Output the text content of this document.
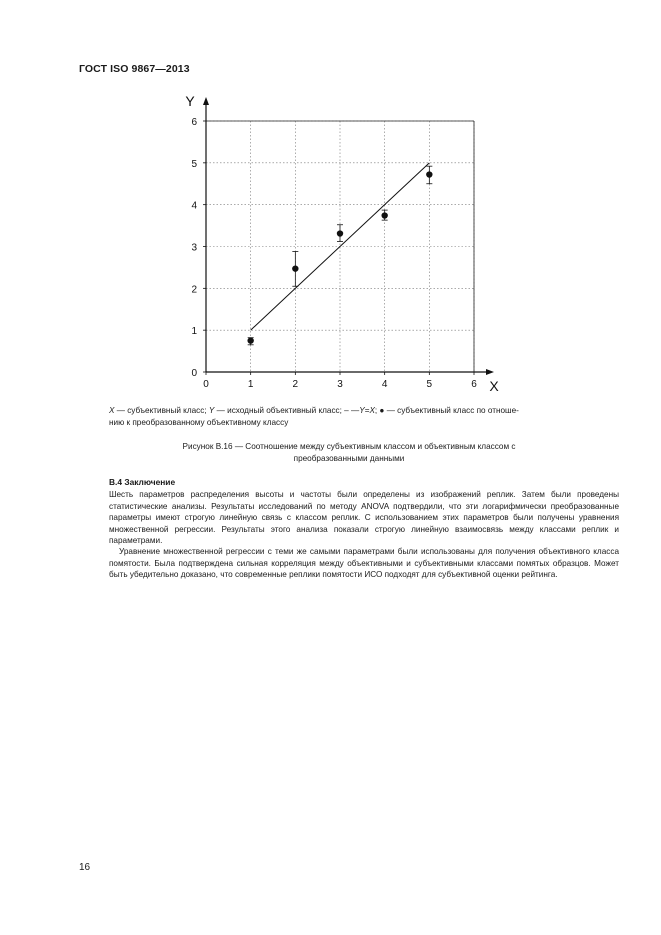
ГОСТ ISO 9867—2013
0	1	2	3	4	5	6
0
1
2
3
4
5
6
X
Y
X — субъективный класс; Y — исходный объективный класс; – —Y=X; ● — субъективный класс по отноше-
нию к преобразованному объективному классу
Рисунок В.16 — Соотношение между субъективным классом и объективным классом с
преобразованными данными
В.4 Заключение

Шесть параметров распределения высоты и частоты были определены из изображений реплик. Затем были проведены статистические анализы. Результаты исследований по методу ANOVA подтвердили, что эти логарифмически преобразованные параметры имеют строгую линейную связь с классом реплик. С использованием этих параметров были получены уравнения множественной регрессии. Результаты этого анализа показали строгую линейную взаимосвязь между классами реплик и параметрами.

Уравнение множественной регрессии с теми же самыми параметрами были использованы для получения объективного класса помятости. Была подтверждена сильная корреляция между объективными и субъективными классами помятых образцов. Может быть убедительно доказано, что современные реплики помятости ИСО подходят для субъективной оценки рейтинга.

16
